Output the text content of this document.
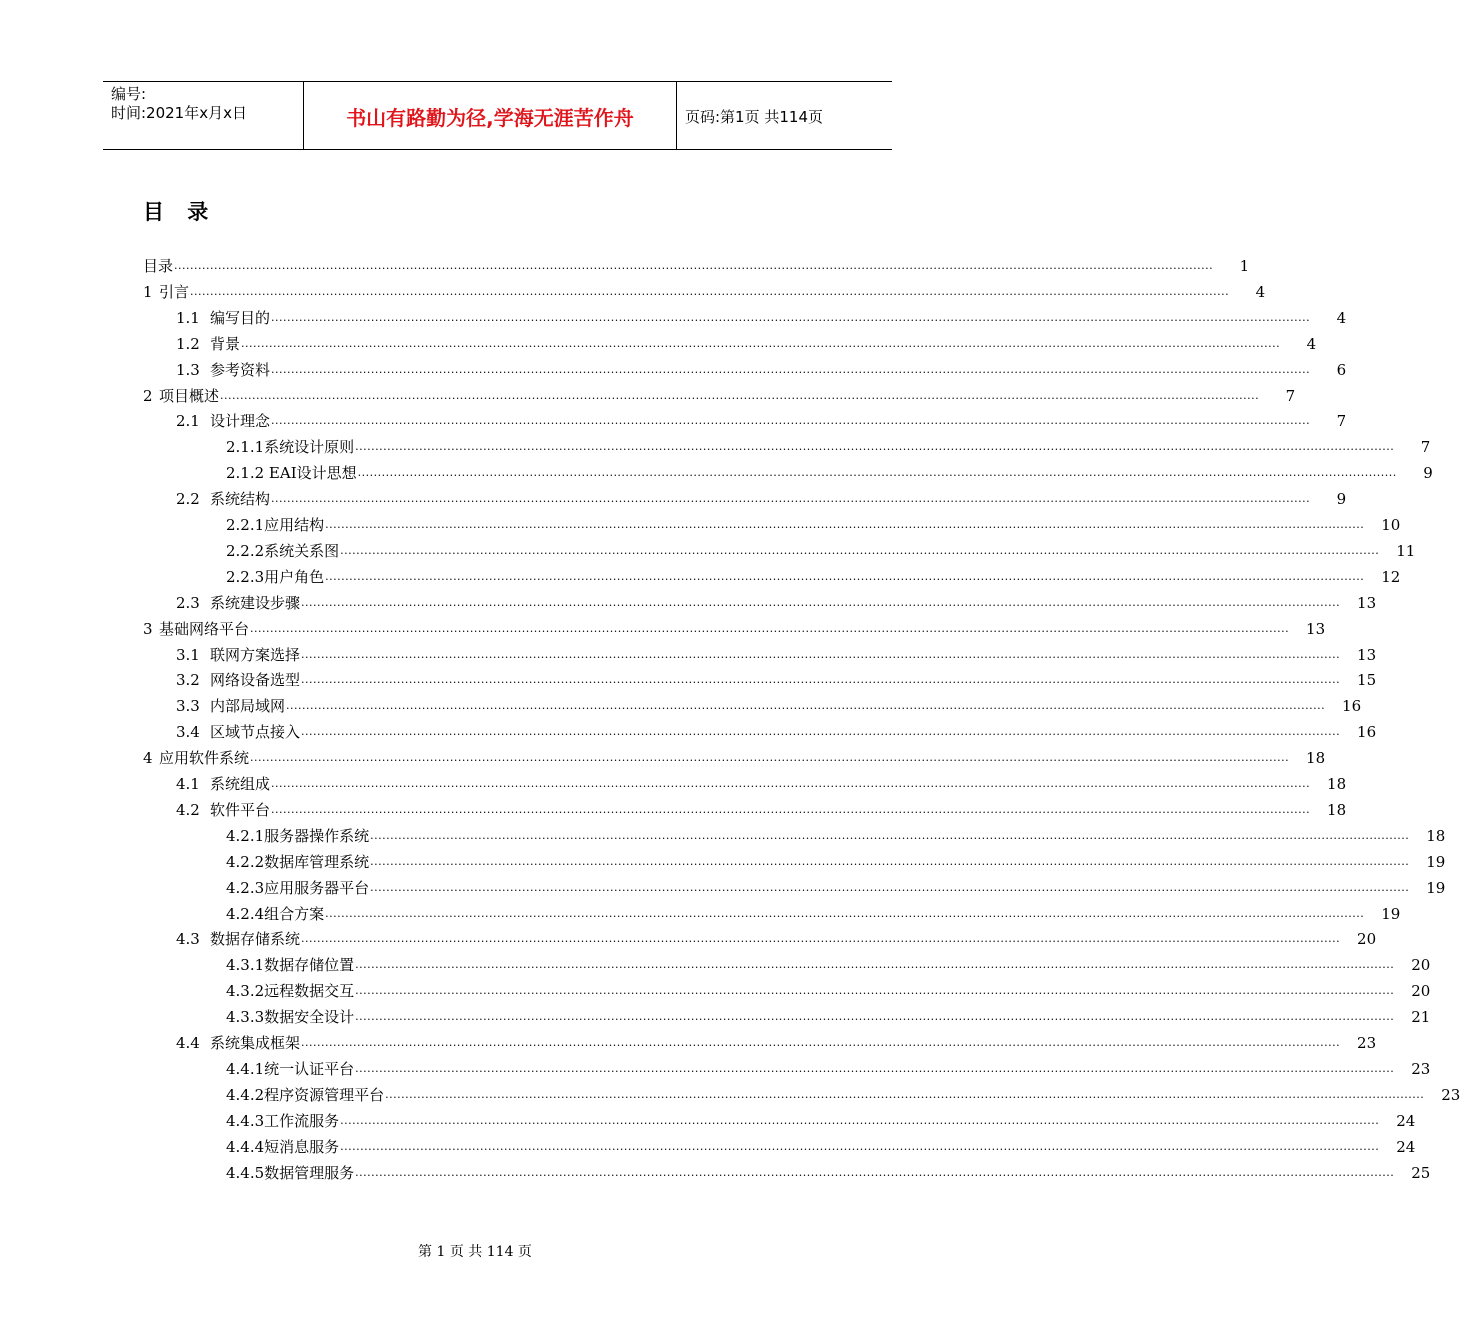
编号:
时间:2021年x月x日	书山有路勤为径,学海无涯苦作舟	页码:第1页 共114页
目 录
目录 ....................................................................................................................................................................................................................................................................	1
1 引言 ....................................................................................................................................................................................................................................................................	4
1.1 编写目的 ....................................................................................................................................................................................................................................................................	4
1.2 背景 ....................................................................................................................................................................................................................................................................	4
1.3 参考资料 ....................................................................................................................................................................................................................................................................	6
2 项目概述 ....................................................................................................................................................................................................................................................................	7
2.1 设计理念 ....................................................................................................................................................................................................................................................................	7
2.1.1系统设计原则 ....................................................................................................................................................................................................................................................................	7
2.1.2 EAI设计思想 ....................................................................................................................................................................................................................................................................	9
2.2 系统结构 ....................................................................................................................................................................................................................................................................	9
2.2.1应用结构 ....................................................................................................................................................................................................................................................................	10
2.2.2系统关系图 ....................................................................................................................................................................................................................................................................	11
2.2.3用户角色 ....................................................................................................................................................................................................................................................................	12
2.3 系统建设步骤 ....................................................................................................................................................................................................................................................................	13
3 基础网络平台 ....................................................................................................................................................................................................................................................................	13
3.1 联网方案选择 ....................................................................................................................................................................................................................................................................	13
3.2 网络设备选型 ....................................................................................................................................................................................................................................................................	15
3.3 内部局域网 ....................................................................................................................................................................................................................................................................	16
3.4 区域节点接入 ....................................................................................................................................................................................................................................................................	16
4 应用软件系统 ....................................................................................................................................................................................................................................................................	18
4.1 系统组成 ....................................................................................................................................................................................................................................................................	18
4.2 软件平台 ....................................................................................................................................................................................................................................................................	18
4.2.1服务器操作系统 ....................................................................................................................................................................................................................................................................	18
4.2.2数据库管理系统 ....................................................................................................................................................................................................................................................................	19
4.2.3应用服务器平台 ....................................................................................................................................................................................................................................................................	19
4.2.4组合方案 ....................................................................................................................................................................................................................................................................	19
4.3 数据存储系统 ....................................................................................................................................................................................................................................................................	20
4.3.1数据存储位置 ....................................................................................................................................................................................................................................................................	20
4.3.2远程数据交互 ....................................................................................................................................................................................................................................................................	20
4.3.3数据安全设计 ....................................................................................................................................................................................................................................................................	21
4.4 系统集成框架 ....................................................................................................................................................................................................................................................................	23
4.4.1统一认证平台 ....................................................................................................................................................................................................................................................................	23
4.4.2程序资源管理平台 ....................................................................................................................................................................................................................................................................	23
4.4.3工作流服务 ....................................................................................................................................................................................................................................................................	24
4.4.4短消息服务 ....................................................................................................................................................................................................................................................................	24
4.4.5数据管理服务 ....................................................................................................................................................................................................................................................................	25
第 1 页 共 114 页
